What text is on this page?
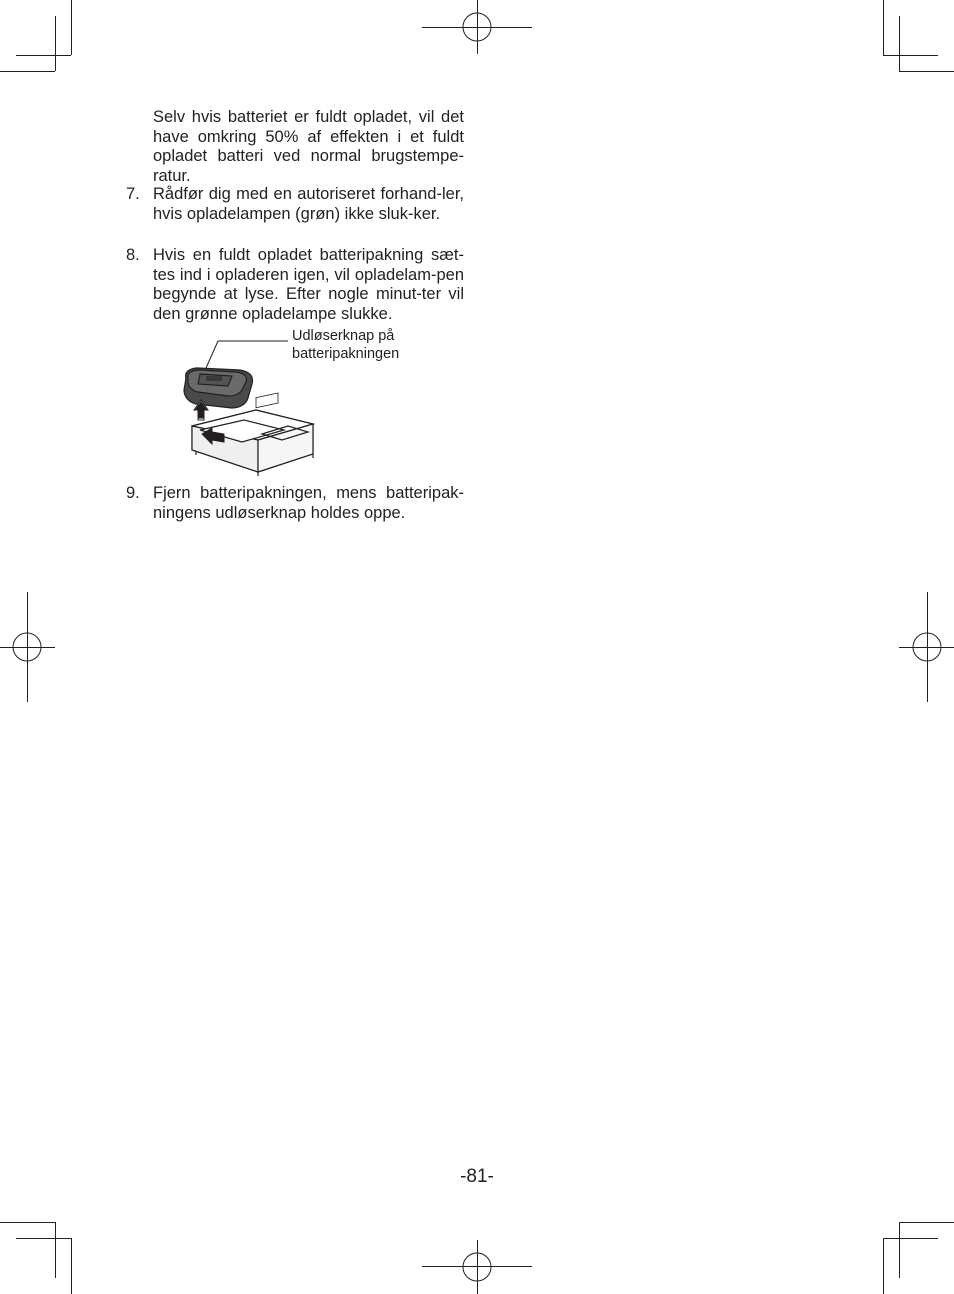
Selv hvis batteriet er fuldt opladet, vil det have omkring 50% af effekten i et fuldt opladet batteri ved normal brugstempe-ratur.
7. Rådfør dig med en autoriseret forhand-ler, hvis opladelampen (grøn) ikke sluk-ker.
8. Hvis en fuldt opladet batteripakning sæt-tes ind i opladeren igen, vil opladelam-pen begynde at lyse. Efter nogle minut-ter vil den grønne opladelampe slukke.
Udløserknap på
batteripakningen
9. Fjern batteripakningen, mens batteripak-ningens udløserknap holdes oppe.
-81-
